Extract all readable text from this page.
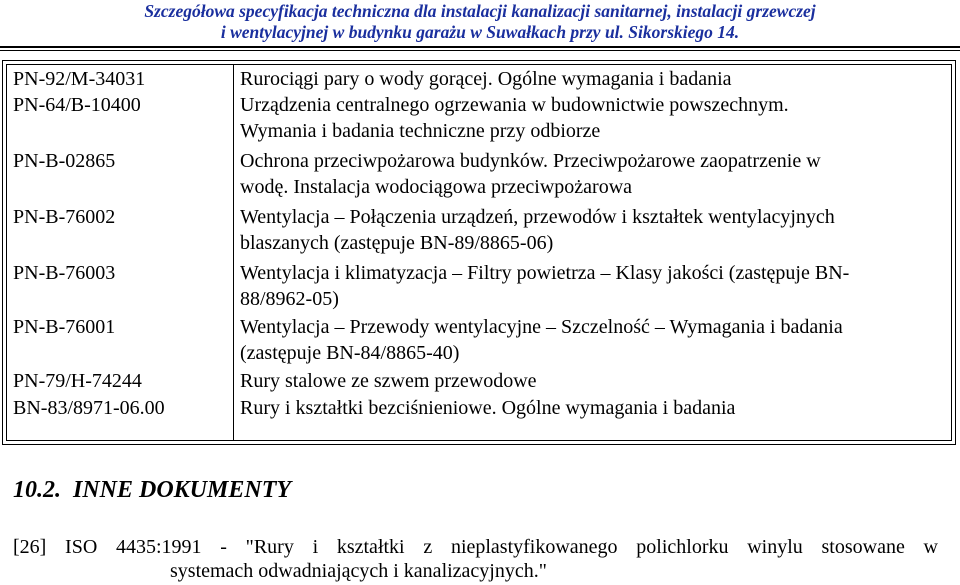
Szczegółowa specyfikacja techniczna dla instalacji kanalizacji sanitarnej, instalacji grzewczej
i wentylacyjnej w budynku garażu w Suwałkach przy ul. Sikorskiego 14.
PN-92/M-34031	Rurociągi pary o wody gorącej. Ogólne wymagania i badania
PN-64/B-10400	Urządzenia centralnego ogrzewania w budownictwie powszechnym.
Wymania i badania techniczne przy odbiorze
PN-B-02865	Ochrona przeciwpożarowa budynków. Przeciwpożarowe zaopatrzenie w
wodę. Instalacja wodociągowa przeciwpożarowa
PN-B-76002	Wentylacja – Połączenia urządzeń, przewodów i kształtek wentylacyjnych
blaszanych (zastępuje BN-89/8865-06)
PN-B-76003	Wentylacja i klimatyzacja – Filtry powietrza – Klasy jakości (zastępuje BN-
88/8962-05)
PN-B-76001	Wentylacja – Przewody wentylacyjne – Szczelność – Wymagania i badania
(zastępuje BN-84/8865-40)
PN-79/H-74244	Rury stalowe ze szwem przewodowe
BN-83/8971-06.00	Rury i kształtki bezciśnieniowe. Ogólne wymagania i badania
10.2. INNE DOKUMENTY
[26] ISO 4435:1991 - "Rury i kształtki z nieplastyfikowanego polichlorku winylu stosowane w
systemach odwadniających i kanalizacyjnych."
